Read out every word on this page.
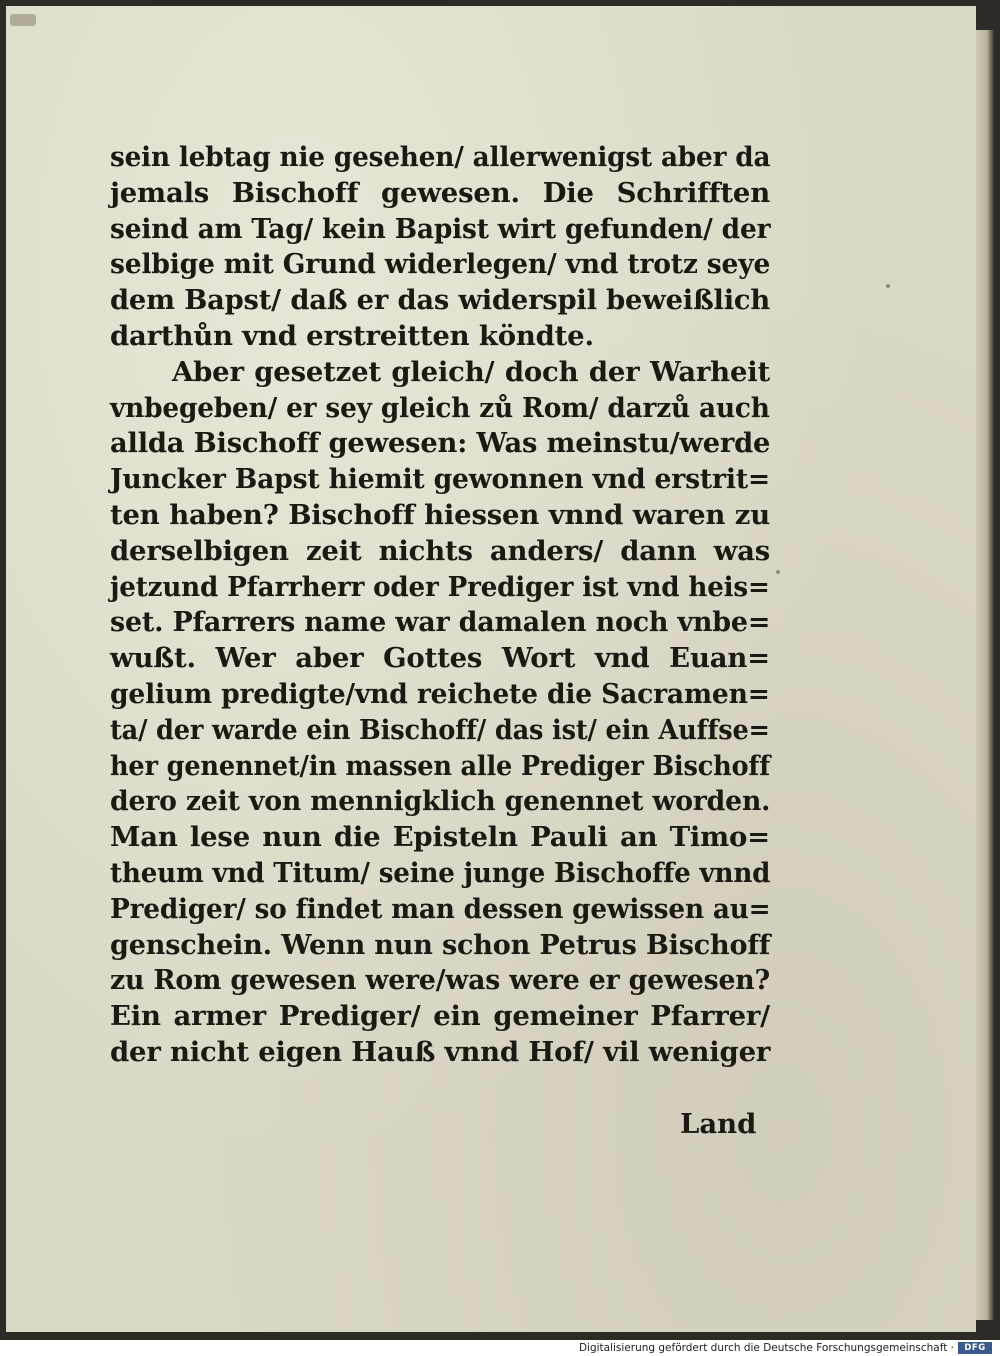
sein lebtag nie gesehen/ allerwenigst aber da
jemals Bischoff gewesen. Die Schrifften
seind am Tag/ kein Bapist wirt gefunden/ der
selbige mit Grund widerlegen/ vnd trotz seye
dem Bapst/ daß er das widerspil beweißlich
darthůn vnd erstreitten köndte.
Aber gesetzet gleich/ doch der Warheit
vnbegeben/ er sey gleich zů Rom/ darzů auch
allda Bischoff gewesen: Was meinstu/werde
Juncker Bapst hiemit gewonnen vnd erstrit=
ten haben? Bischoff hiessen vnnd waren zu
derselbigen zeit nichts anders/ dann was
jetzund Pfarrherr oder Prediger ist vnd heis=
set. Pfarrers name war damalen noch vnbe=
wußt. Wer aber Gottes Wort vnd Euan=
gelium predigte/vnd reichete die Sacramen=
ta/ der warde ein Bischoff/ das ist/ ein Auffse=
her genennet/in massen alle Prediger Bischoff
dero zeit von mennigklich genennet worden.
Man lese nun die Episteln Pauli an Timo=
theum vnd Titum/ seine junge Bischoffe vnnd
Prediger/ so findet man dessen gewissen au=
genschein. Wenn nun schon Petrus Bischoff
zu Rom gewesen were/was were er gewesen?
Ein armer Prediger/ ein gemeiner Pfarrer/
der nicht eigen Hauß vnnd Hof/ vil weniger
Land
Digitalisierung gefördert durch die Deutsche Forschungsgemeinschaft ·	DFG
